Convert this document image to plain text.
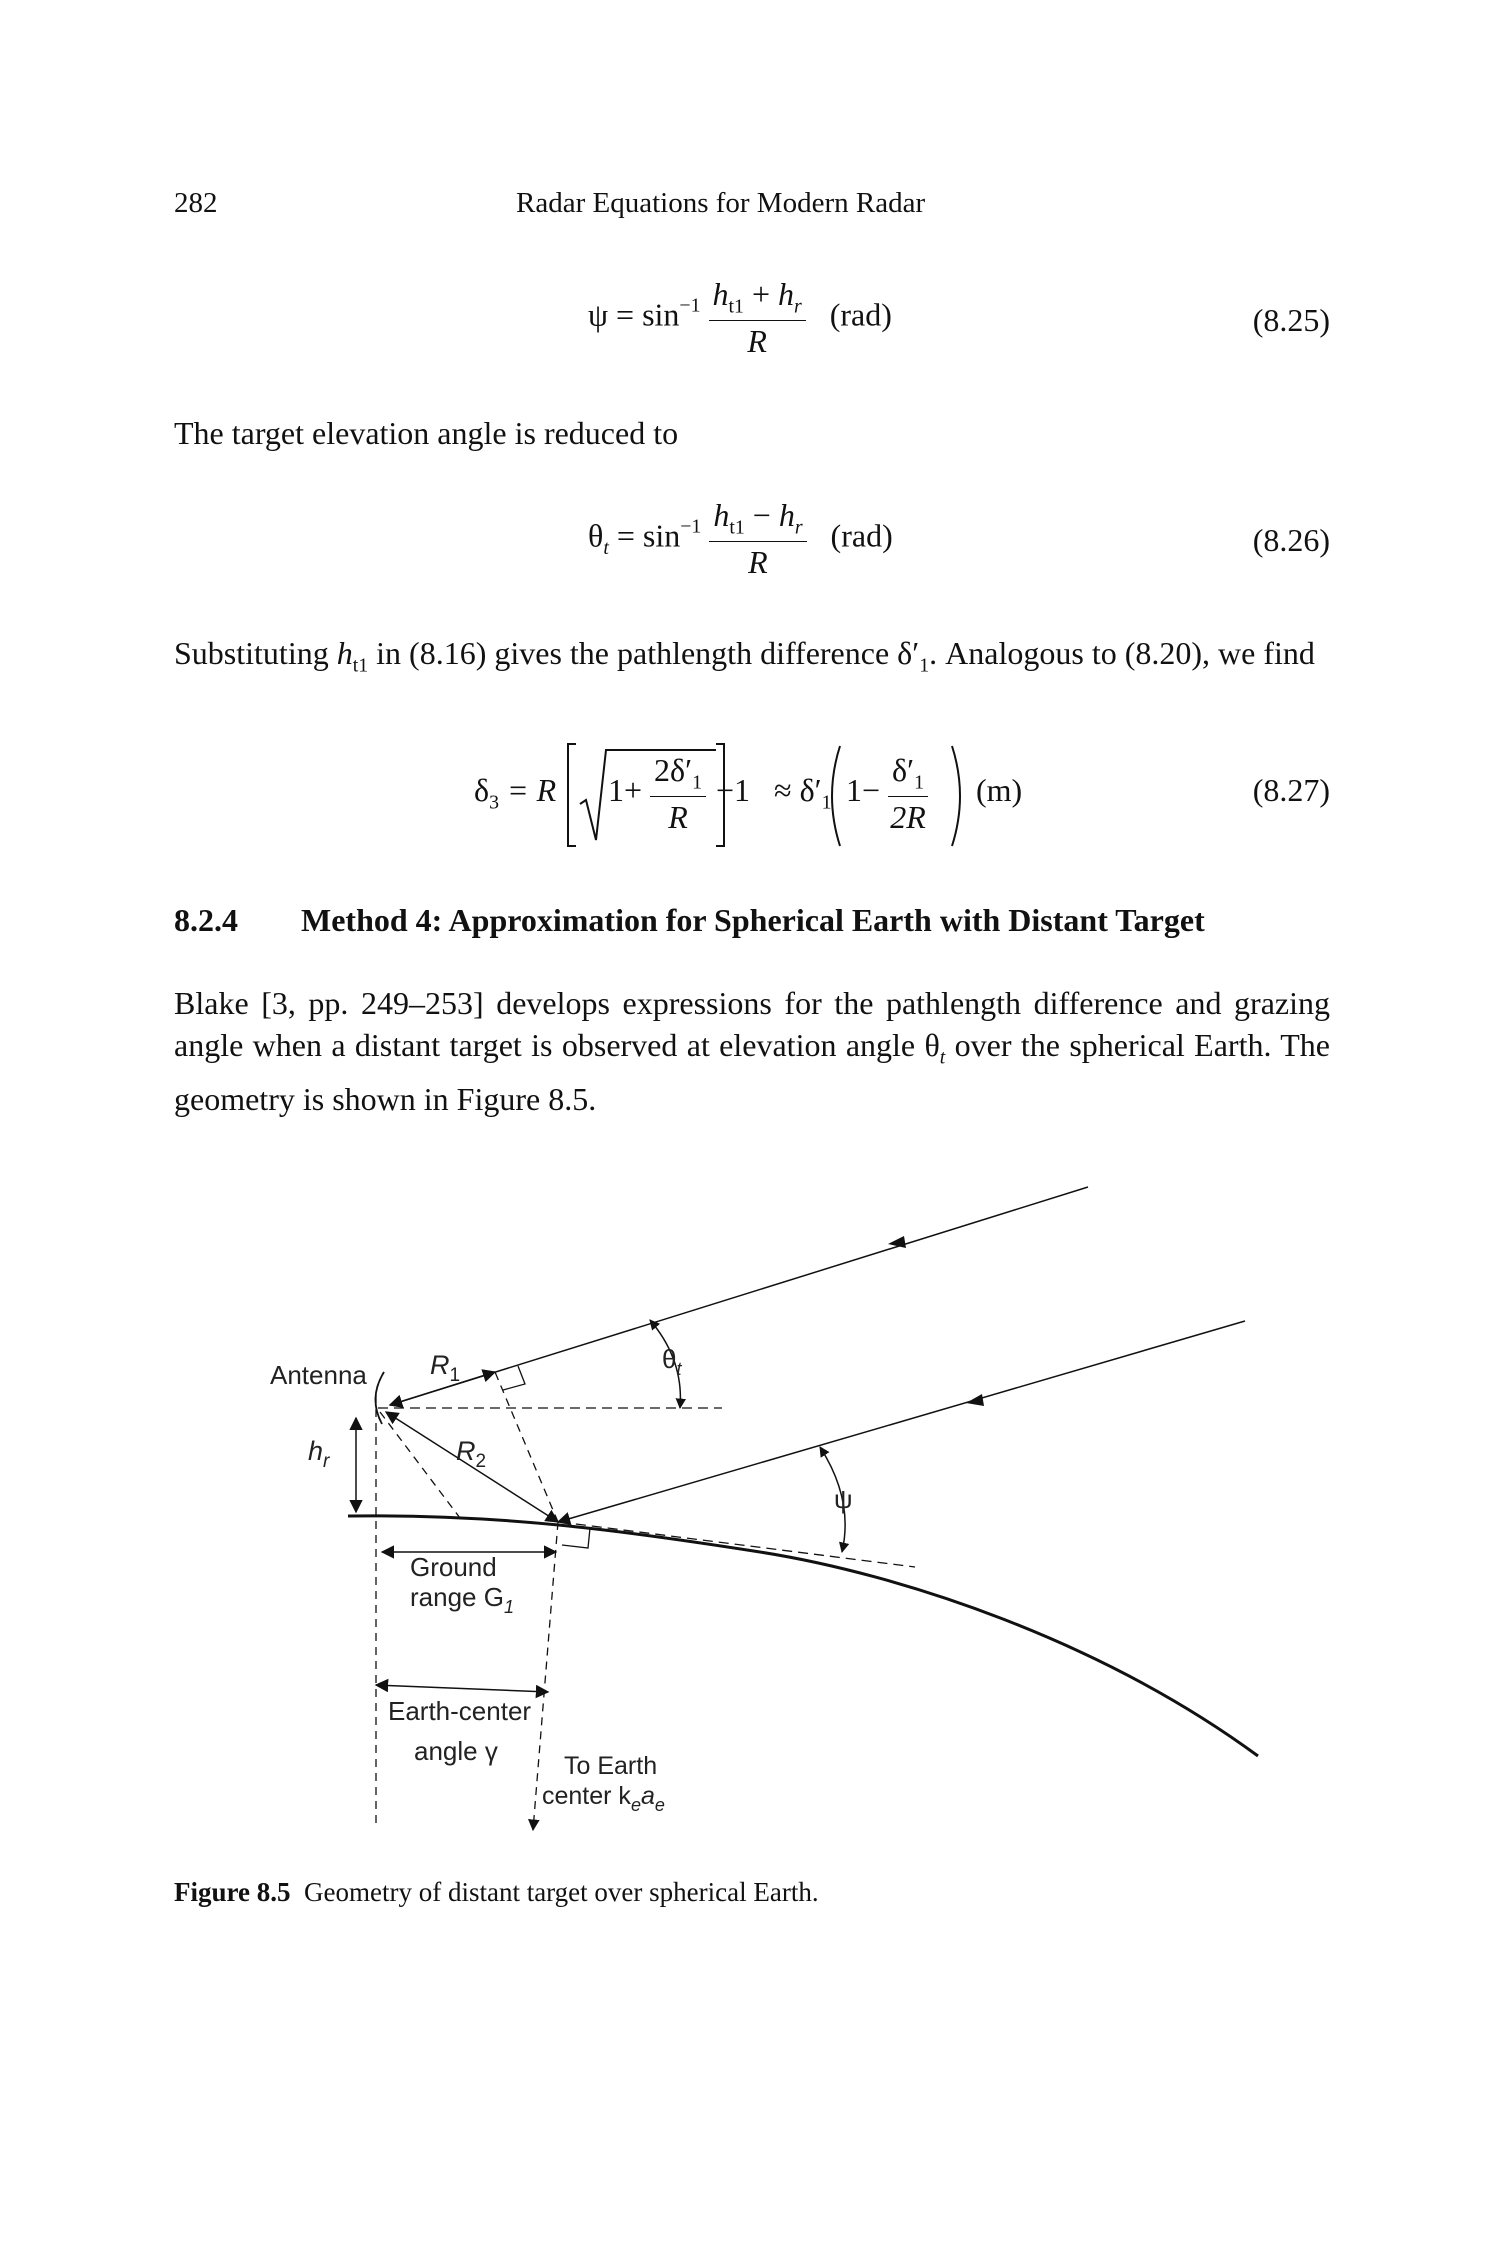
282	Radar Equations for Modern Radar
$\psi = \sin^{-1} \frac{h_{t1} + h_r}{R} (rad)$	(8.25)
The target elevation angle is reduced to
$\theta_t = \sin^{-1} \frac{h_{t1} - h_r}{R} (rad)$	(8.26)
Substituting $h_{t1}$ in (8.16) gives the pathlength difference $\delta'_1$. Analogous to (8.20), we find
$\delta_3 = R$ $1+ \frac{2\delta'_1}{R} -1 \approx \delta'_1$ $1- \frac{\delta'_1}{2R} (m)$	(8.27)
8.2.4 Method 4: Approximation for Spherical Earth with Distant Target
Blake [3, pp. 249–253] develops expressions for the pathlength difference and grazing angle when a distant target is observed at elevation angle $\theta_t$ over the spherical Earth. The geometry is shown in Figure 8.5.
Antenna $R_1$
$R_2$
$\theta_t$
$h_r$
ψ
Ground
range $G_1$
Earth-center
angle γ	To Earth
center $k_ea_e$
Figure 8.5 Geometry of distant target over spherical Earth.
